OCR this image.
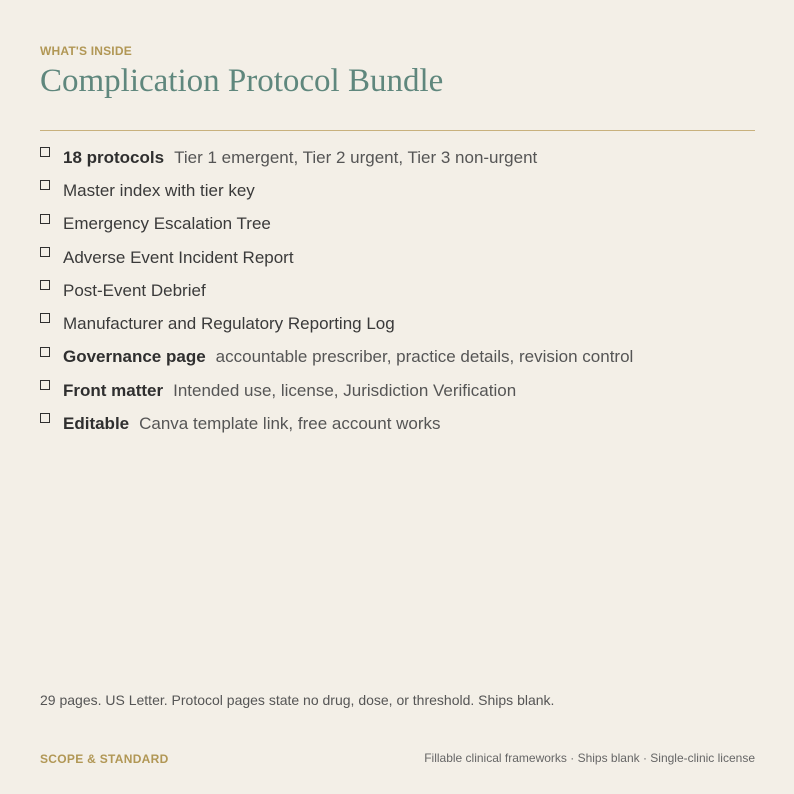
WHAT'S INSIDE
Complication Protocol Bundle
18 protocols Tier 1 emergent, Tier 2 urgent, Tier 3 non-urgent
Master index with tier key
Emergency Escalation Tree
Adverse Event Incident Report
Post-Event Debrief
Manufacturer and Regulatory Reporting Log
Governance page accountable prescriber, practice details, revision control
Front matter Intended use, license, Jurisdiction Verification
Editable Canva template link, free account works
29 pages. US Letter. Protocol pages state no drug, dose, or threshold. Ships blank.
SCOPE & STANDARD	Fillable clinical frameworks · Ships blank · Single-clinic license
